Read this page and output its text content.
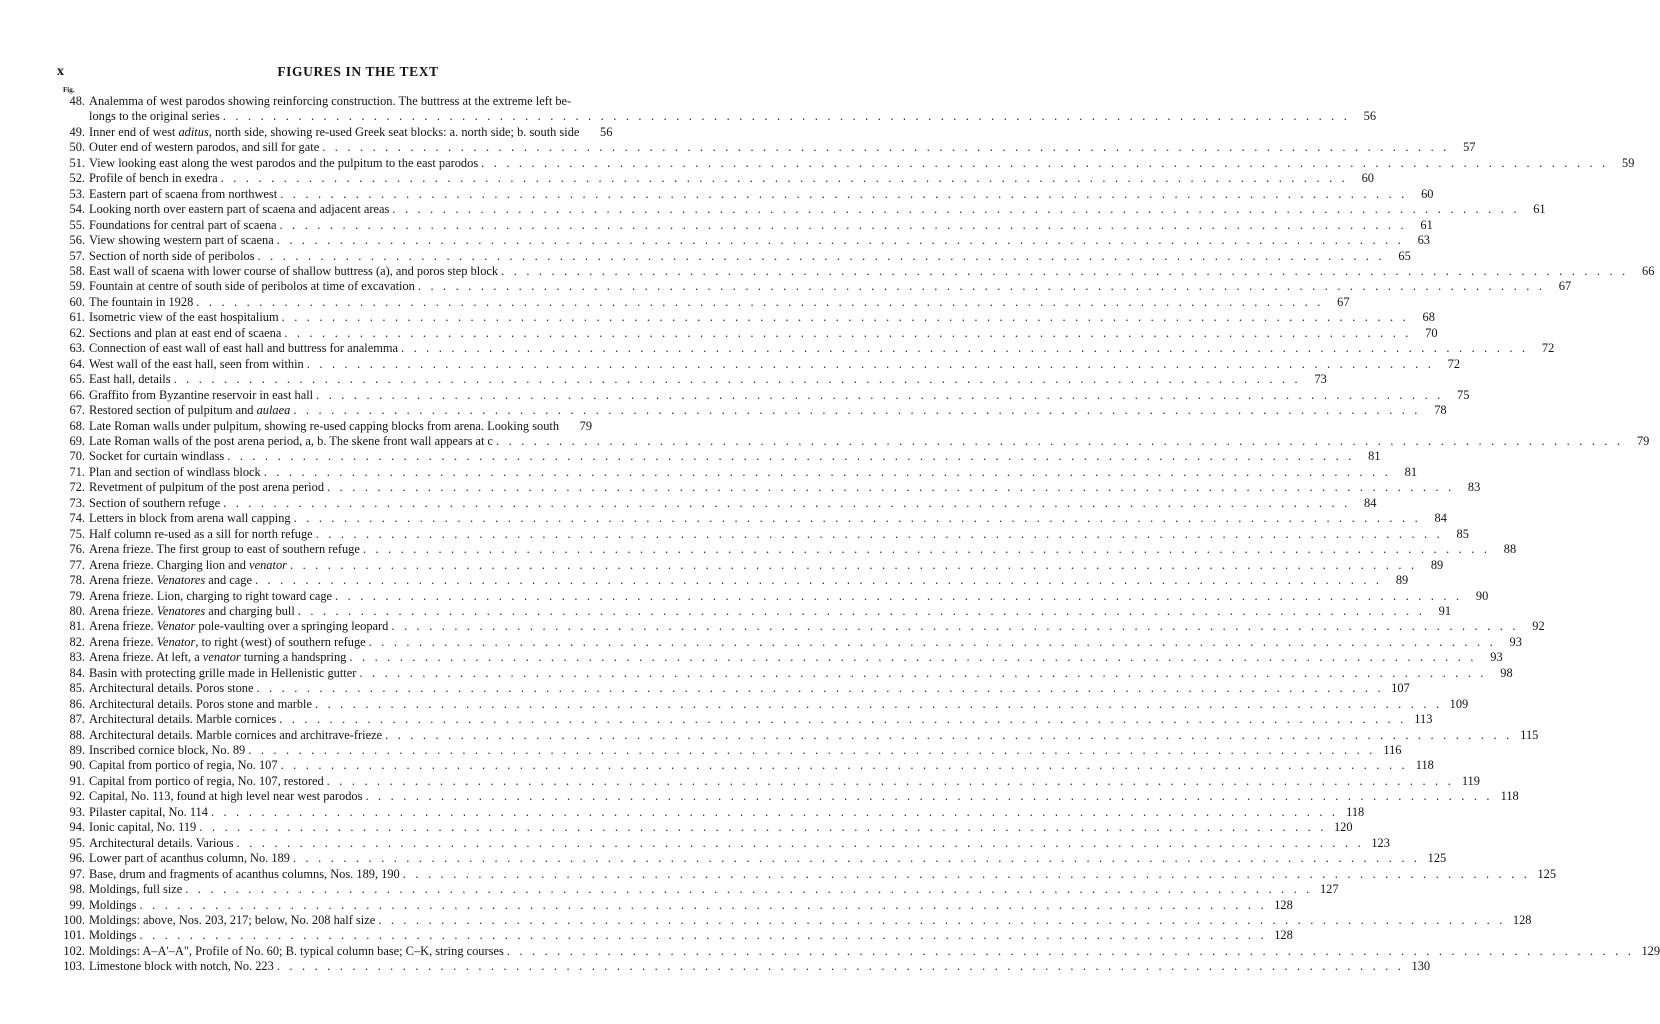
x	FIGURES IN THE TEXT
Fig.
48. Analemma of west parodos showing reinforcing construction. The buttress at the extreme left be-
longs to the original series . . . . . . . . . . . . . . . . . . . . . . . . . . . . . . . . . . . . . . . . . . . . . . . . . . . . . . . . . . . . . . . . . . . . . . . . . . . . . . . . . . . . . . . . . .	56
49. Inner end of west aditus, north side, showing re-used Greek seat blocks: a. north side; b. south side	56
50. Outer end of western parodos, and sill for gate . . . . . . . . . . . . . . . . . . . . . . . . . . . . . . . . . . . . . . . . . . . . . . . . . . . . . . . . . . . . . . . . . . . . . . . . . . . . . . . . . . . . . . . . . .	57
51. View looking east along the west parodos and the pulpitum to the east parodos . . . . . . . . . . . . . . . . . . . . . . . . . . . . . . . . . . . . . . . . . . . . . . . . . . . . . . . . . . . . . . . . . . . . . . . . . . . . . . . . . . . . . . . . . .	59
52. Profile of bench in exedra . . . . . . . . . . . . . . . . . . . . . . . . . . . . . . . . . . . . . . . . . . . . . . . . . . . . . . . . . . . . . . . . . . . . . . . . . . . . . . . . . . . . . . . . . .	60
53. Eastern part of scaena from northwest . . . . . . . . . . . . . . . . . . . . . . . . . . . . . . . . . . . . . . . . . . . . . . . . . . . . . . . . . . . . . . . . . . . . . . . . . . . . . . . . . . . . . . . . . .	60
54. Looking north over eastern part of scaena and adjacent areas . . . . . . . . . . . . . . . . . . . . . . . . . . . . . . . . . . . . . . . . . . . . . . . . . . . . . . . . . . . . . . . . . . . . . . . . . . . . . . . . . . . . . . . . . .	61
55. Foundations for central part of scaena . . . . . . . . . . . . . . . . . . . . . . . . . . . . . . . . . . . . . . . . . . . . . . . . . . . . . . . . . . . . . . . . . . . . . . . . . . . . . . . . . . . . . . . . . .	61
56. View showing western part of scaena . . . . . . . . . . . . . . . . . . . . . . . . . . . . . . . . . . . . . . . . . . . . . . . . . . . . . . . . . . . . . . . . . . . . . . . . . . . . . . . . . . . . . . . . . .	63
57. Section of north side of peribolos . . . . . . . . . . . . . . . . . . . . . . . . . . . . . . . . . . . . . . . . . . . . . . . . . . . . . . . . . . . . . . . . . . . . . . . . . . . . . . . . . . . . . . . . . .	65
58. East wall of scaena with lower course of shallow buttress (a), and poros step block . . . . . . . . . . . . . . . . . . . . . . . . . . . . . . . . . . . . . . . . . . . . . . . . . . . . . . . . . . . . . . . . . . . . . . . . . . . . . . . . . . . . . . . . . .	66
59. Fountain at centre of south side of peribolos at time of excavation . . . . . . . . . . . . . . . . . . . . . . . . . . . . . . . . . . . . . . . . . . . . . . . . . . . . . . . . . . . . . . . . . . . . . . . . . . . . . . . . . . . . . . . . . .	67
60. The fountain in 1928 . . . . . . . . . . . . . . . . . . . . . . . . . . . . . . . . . . . . . . . . . . . . . . . . . . . . . . . . . . . . . . . . . . . . . . . . . . . . . . . . . . . . . . . . . .	67
61. Isometric view of the east hospitalium . . . . . . . . . . . . . . . . . . . . . . . . . . . . . . . . . . . . . . . . . . . . . . . . . . . . . . . . . . . . . . . . . . . . . . . . . . . . . . . . . . . . . . . . . .	68
62. Sections and plan at east end of scaena . . . . . . . . . . . . . . . . . . . . . . . . . . . . . . . . . . . . . . . . . . . . . . . . . . . . . . . . . . . . . . . . . . . . . . . . . . . . . . . . . . . . . . . . . .	70
63. Connection of east wall of east hall and buttress for analemma . . . . . . . . . . . . . . . . . . . . . . . . . . . . . . . . . . . . . . . . . . . . . . . . . . . . . . . . . . . . . . . . . . . . . . . . . . . . . . . . . . . . . . . . . .	72
64. West wall of the east hall, seen from within . . . . . . . . . . . . . . . . . . . . . . . . . . . . . . . . . . . . . . . . . . . . . . . . . . . . . . . . . . . . . . . . . . . . . . . . . . . . . . . . . . . . . . . . . .	72
65. East hall, details . . . . . . . . . . . . . . . . . . . . . . . . . . . . . . . . . . . . . . . . . . . . . . . . . . . . . . . . . . . . . . . . . . . . . . . . . . . . . . . . . . . . . . . . . .	73
66. Graffito from Byzantine reservoir in east hall . . . . . . . . . . . . . . . . . . . . . . . . . . . . . . . . . . . . . . . . . . . . . . . . . . . . . . . . . . . . . . . . . . . . . . . . . . . . . . . . . . . . . . . . . .	75
67. Restored section of pulpitum and aulaea . . . . . . . . . . . . . . . . . . . . . . . . . . . . . . . . . . . . . . . . . . . . . . . . . . . . . . . . . . . . . . . . . . . . . . . . . . . . . . . . . . . . . . . . . .	78
68. Late Roman walls under pulpitum, showing re-used capping blocks from arena. Looking south	79
69. Late Roman walls of the post arena period, a, b. The skene front wall appears at c . . . . . . . . . . . . . . . . . . . . . . . . . . . . . . . . . . . . . . . . . . . . . . . . . . . . . . . . . . . . . . . . . . . . . . . . . . . . . . . . . . . . . . . . . .	79
70. Socket for curtain windlass . . . . . . . . . . . . . . . . . . . . . . . . . . . . . . . . . . . . . . . . . . . . . . . . . . . . . . . . . . . . . . . . . . . . . . . . . . . . . . . . . . . . . . . . . .	81
71. Plan and section of windlass block . . . . . . . . . . . . . . . . . . . . . . . . . . . . . . . . . . . . . . . . . . . . . . . . . . . . . . . . . . . . . . . . . . . . . . . . . . . . . . . . . . . . . . . . . .	81
72. Revetment of pulpitum of the post arena period . . . . . . . . . . . . . . . . . . . . . . . . . . . . . . . . . . . . . . . . . . . . . . . . . . . . . . . . . . . . . . . . . . . . . . . . . . . . . . . . . . . . . . . . . .	83
73. Section of southern refuge . . . . . . . . . . . . . . . . . . . . . . . . . . . . . . . . . . . . . . . . . . . . . . . . . . . . . . . . . . . . . . . . . . . . . . . . . . . . . . . . . . . . . . . . . .	84
74. Letters in block from arena wall capping . . . . . . . . . . . . . . . . . . . . . . . . . . . . . . . . . . . . . . . . . . . . . . . . . . . . . . . . . . . . . . . . . . . . . . . . . . . . . . . . . . . . . . . . . .	84
75. Half column re-used as a sill for north refuge . . . . . . . . . . . . . . . . . . . . . . . . . . . . . . . . . . . . . . . . . . . . . . . . . . . . . . . . . . . . . . . . . . . . . . . . . . . . . . . . . . . . . . . . . .	85
76. Arena frieze. The first group to east of southern refuge . . . . . . . . . . . . . . . . . . . . . . . . . . . . . . . . . . . . . . . . . . . . . . . . . . . . . . . . . . . . . . . . . . . . . . . . . . . . . . . . . . . . . . . . . .	88
77. Arena frieze. Charging lion and venator . . . . . . . . . . . . . . . . . . . . . . . . . . . . . . . . . . . . . . . . . . . . . . . . . . . . . . . . . . . . . . . . . . . . . . . . . . . . . . . . . . . . . . . . . .	89
78. Arena frieze. Venatores and cage . . . . . . . . . . . . . . . . . . . . . . . . . . . . . . . . . . . . . . . . . . . . . . . . . . . . . . . . . . . . . . . . . . . . . . . . . . . . . . . . . . . . . . . . . .	89
79. Arena frieze. Lion, charging to right toward cage . . . . . . . . . . . . . . . . . . . . . . . . . . . . . . . . . . . . . . . . . . . . . . . . . . . . . . . . . . . . . . . . . . . . . . . . . . . . . . . . . . . . . . . . . .	90
80. Arena frieze. Venatores and charging bull . . . . . . . . . . . . . . . . . . . . . . . . . . . . . . . . . . . . . . . . . . . . . . . . . . . . . . . . . . . . . . . . . . . . . . . . . . . . . . . . . . . . . . . . . .	91
81. Arena frieze. Venator pole-vaulting over a springing leopard . . . . . . . . . . . . . . . . . . . . . . . . . . . . . . . . . . . . . . . . . . . . . . . . . . . . . . . . . . . . . . . . . . . . . . . . . . . . . . . . . . . . . . . . . .	92
82. Arena frieze. Venator, to right (west) of southern refuge . . . . . . . . . . . . . . . . . . . . . . . . . . . . . . . . . . . . . . . . . . . . . . . . . . . . . . . . . . . . . . . . . . . . . . . . . . . . . . . . . . . . . . . . . .	93
83. Arena frieze. At left, a venator turning a handspring . . . . . . . . . . . . . . . . . . . . . . . . . . . . . . . . . . . . . . . . . . . . . . . . . . . . . . . . . . . . . . . . . . . . . . . . . . . . . . . . . . . . . . . . . .	93
84. Basin with protecting grille made in Hellenistic gutter . . . . . . . . . . . . . . . . . . . . . . . . . . . . . . . . . . . . . . . . . . . . . . . . . . . . . . . . . . . . . . . . . . . . . . . . . . . . . . . . . . . . . . . . . .	98
85. Architectural details. Poros stone . . . . . . . . . . . . . . . . . . . . . . . . . . . . . . . . . . . . . . . . . . . . . . . . . . . . . . . . . . . . . . . . . . . . . . . . . . . . . . . . . . . . . . . . . . 107
86. Architectural details. Poros stone and marble . . . . . . . . . . . . . . . . . . . . . . . . . . . . . . . . . . . . . . . . . . . . . . . . . . . . . . . . . . . . . . . . . . . . . . . . . . . . . . . . . . . . . . . . . . 109
87. Architectural details. Marble cornices . . . . . . . . . . . . . . . . . . . . . . . . . . . . . . . . . . . . . . . . . . . . . . . . . . . . . . . . . . . . . . . . . . . . . . . . . . . . . . . . . . . . . . . . . . 113
88. Architectural details. Marble cornices and architrave-frieze . . . . . . . . . . . . . . . . . . . . . . . . . . . . . . . . . . . . . . . . . . . . . . . . . . . . . . . . . . . . . . . . . . . . . . . . . . . . . . . . . . . . . . . . . . 115
89. Inscribed cornice block, No. 89 . . . . . . . . . . . . . . . . . . . . . . . . . . . . . . . . . . . . . . . . . . . . . . . . . . . . . . . . . . . . . . . . . . . . . . . . . . . . . . . . . . . . . . . . . . 116
90. Capital from portico of regia, No. 107 . . . . . . . . . . . . . . . . . . . . . . . . . . . . . . . . . . . . . . . . . . . . . . . . . . . . . . . . . . . . . . . . . . . . . . . . . . . . . . . . . . . . . . . . . . 118
91. Capital from portico of regia, No. 107, restored . . . . . . . . . . . . . . . . . . . . . . . . . . . . . . . . . . . . . . . . . . . . . . . . . . . . . . . . . . . . . . . . . . . . . . . . . . . . . . . . . . . . . . . . . . 119
92. Capital, No. 113, found at high level near west parodos . . . . . . . . . . . . . . . . . . . . . . . . . . . . . . . . . . . . . . . . . . . . . . . . . . . . . . . . . . . . . . . . . . . . . . . . . . . . . . . . . . . . . . . . . . 118
93. Pilaster capital, No. 114 . . . . . . . . . . . . . . . . . . . . . . . . . . . . . . . . . . . . . . . . . . . . . . . . . . . . . . . . . . . . . . . . . . . . . . . . . . . . . . . . . . . . . . . . . . 118
94. Ionic capital, No. 119 . . . . . . . . . . . . . . . . . . . . . . . . . . . . . . . . . . . . . . . . . . . . . . . . . . . . . . . . . . . . . . . . . . . . . . . . . . . . . . . . . . . . . . . . . . 120
95. Architectural details. Various . . . . . . . . . . . . . . . . . . . . . . . . . . . . . . . . . . . . . . . . . . . . . . . . . . . . . . . . . . . . . . . . . . . . . . . . . . . . . . . . . . . . . . . . . . 123
96. Lower part of acanthus column, No. 189 . . . . . . . . . . . . . . . . . . . . . . . . . . . . . . . . . . . . . . . . . . . . . . . . . . . . . . . . . . . . . . . . . . . . . . . . . . . . . . . . . . . . . . . . . . 125
97. Base, drum and fragments of acanthus columns, Nos. 189, 190 . . . . . . . . . . . . . . . . . . . . . . . . . . . . . . . . . . . . . . . . . . . . . . . . . . . . . . . . . . . . . . . . . . . . . . . . . . . . . . . . . . . . . . . . . . 125
98. Moldings, full size . . . . . . . . . . . . . . . . . . . . . . . . . . . . . . . . . . . . . . . . . . . . . . . . . . . . . . . . . . . . . . . . . . . . . . . . . . . . . . . . . . . . . . . . . . 127
99. Moldings . . . . . . . . . . . . . . . . . . . . . . . . . . . . . . . . . . . . . . . . . . . . . . . . . . . . . . . . . . . . . . . . . . . . . . . . . . . . . . . . . . . . . . . . . . 128
100. Moldings: above, Nos. 203, 217; below, No. 208 half size . . . . . . . . . . . . . . . . . . . . . . . . . . . . . . . . . . . . . . . . . . . . . . . . . . . . . . . . . . . . . . . . . . . . . . . . . . . . . . . . . . . . . . . . . . 128
101. Moldings . . . . . . . . . . . . . . . . . . . . . . . . . . . . . . . . . . . . . . . . . . . . . . . . . . . . . . . . . . . . . . . . . . . . . . . . . . . . . . . . . . . . . . . . . . 128
102. Moldings: A–A'–A", Profile of No. 60; B. typical column base; C–K, string courses . . . . . . . . . . . . . . . . . . . . . . . . . . . . . . . . . . . . . . . . . . . . . . . . . . . . . . . . . . . . . . . . . . . . . . . . . . . . . . . . . . . . . . . . . . 129
103. Limestone block with notch, No. 223 . . . . . . . . . . . . . . . . . . . . . . . . . . . . . . . . . . . . . . . . . . . . . . . . . . . . . . . . . . . . . . . . . . . . . . . . . . . . . . . . . . . . . . . . . . 130
